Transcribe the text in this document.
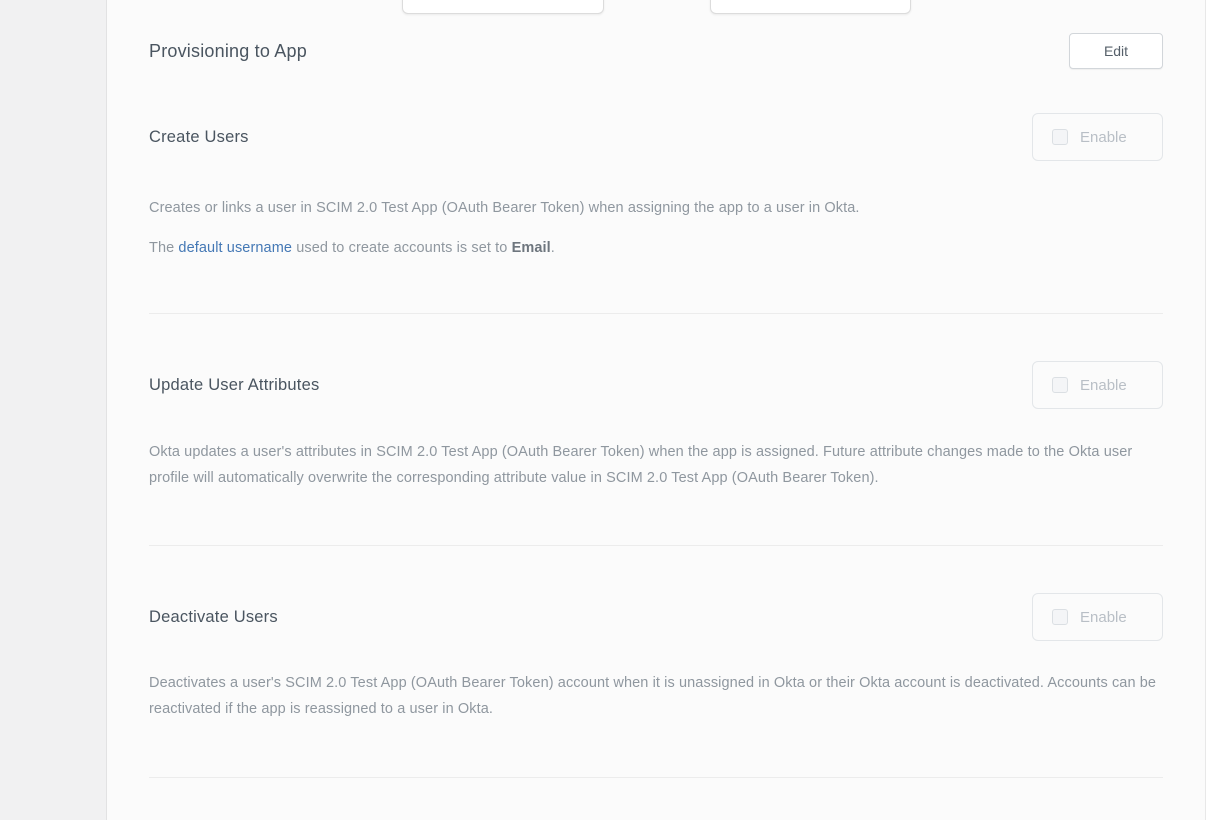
Provisioning to App	Edit
Create Users	Enable

Creates or links a user in SCIM 2.0 Test App (OAuth Bearer Token) when assigning the app to a user in Okta.

The default username used to create accounts is set to Email.

Update User Attributes	Enable

Okta updates a user's attributes in SCIM 2.0 Test App (OAuth Bearer Token) when the app is assigned. Future attribute changes made to the Okta user profile will automatically overwrite the corresponding attribute value in SCIM 2.0 Test App (OAuth Bearer Token).

Deactivate Users	Enable

Deactivates a user's SCIM 2.0 Test App (OAuth Bearer Token) account when it is unassigned in Okta or their Okta account is deactivated. Accounts can be reactivated if the app is reassigned to a user in Okta.
